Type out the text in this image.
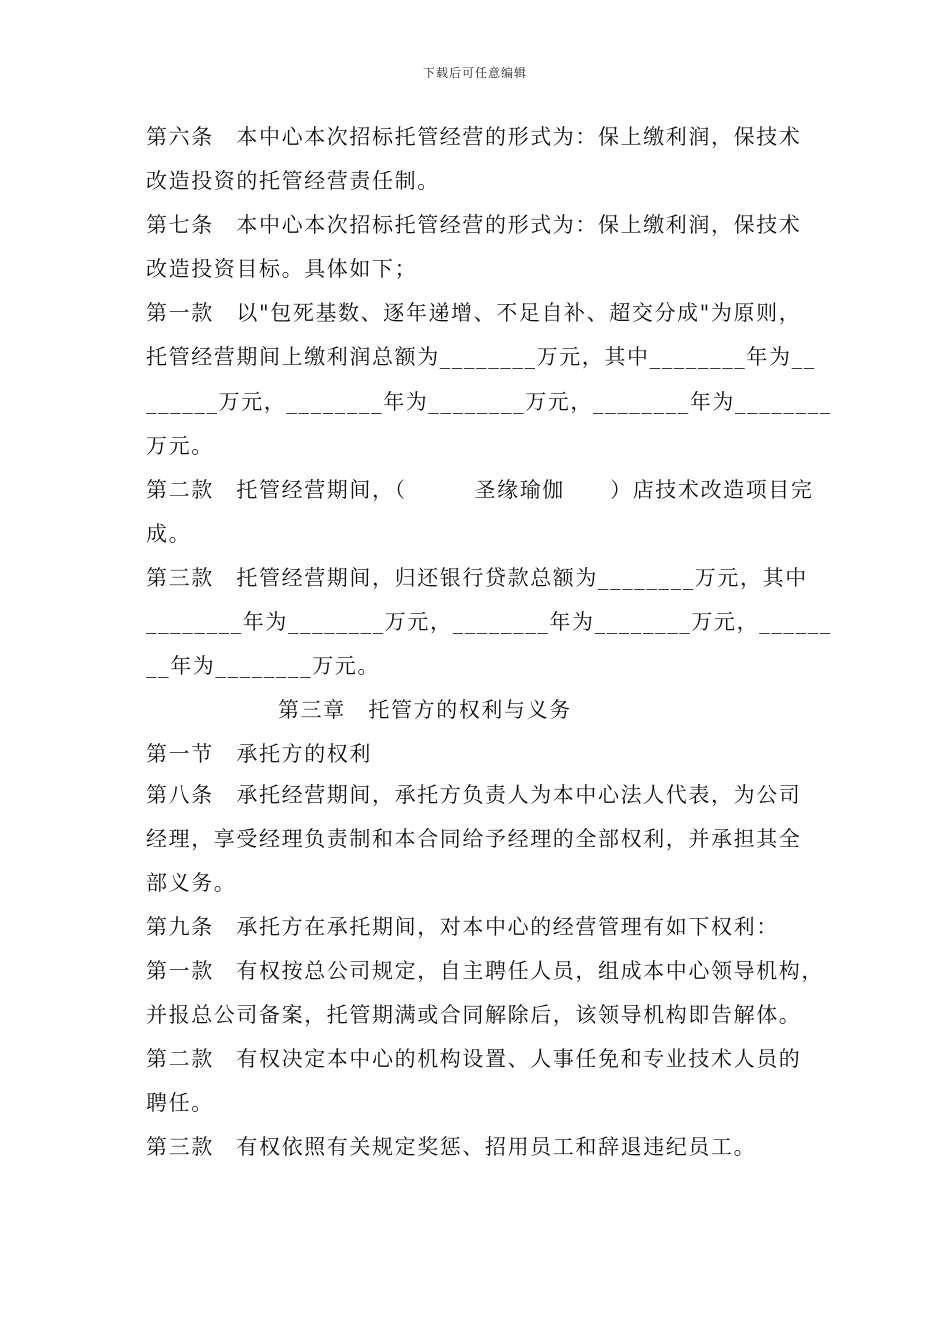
下载后可任意编辑
第六条　本中心本次招标托管经营的形式为：保上缴利润，保技术
改造投资的托管经营责任制。
第七条　本中心本次招标托管经营的形式为：保上缴利润，保技术
改造投资目标。具体如下；
第一款　以"包死基数、逐年递增、不足自补、超交分成"为原则，
托管经营期间上缴利润总额为________万元，其中________年为__
______万元，________年为________万元，________年为________
万元。
第二款　托管经营期间，（　　　圣缘瑜伽　　）店技术改造项目完
成。
第三款　托管经营期间，归还银行贷款总额为________万元，其中
________年为________万元，________年为________万元，______
__年为________万元。
第三章　托管方的权利与义务
第一节　承托方的权利
第八条　承托经营期间，承托方负责人为本中心法人代表，为公司
经理，享受经理负责制和本合同给予经理的全部权利，并承担其全
部义务。
第九条　承托方在承托期间，对本中心的经营管理有如下权利：
第一款　有权按总公司规定，自主聘任人员，组成本中心领导机构，
并报总公司备案，托管期满或合同解除后，该领导机构即告解体。
第二款　有权决定本中心的机构设置、人事任免和专业技术人员的
聘任。
第三款　有权依照有关规定奖惩、招用员工和辞退违纪员工。
